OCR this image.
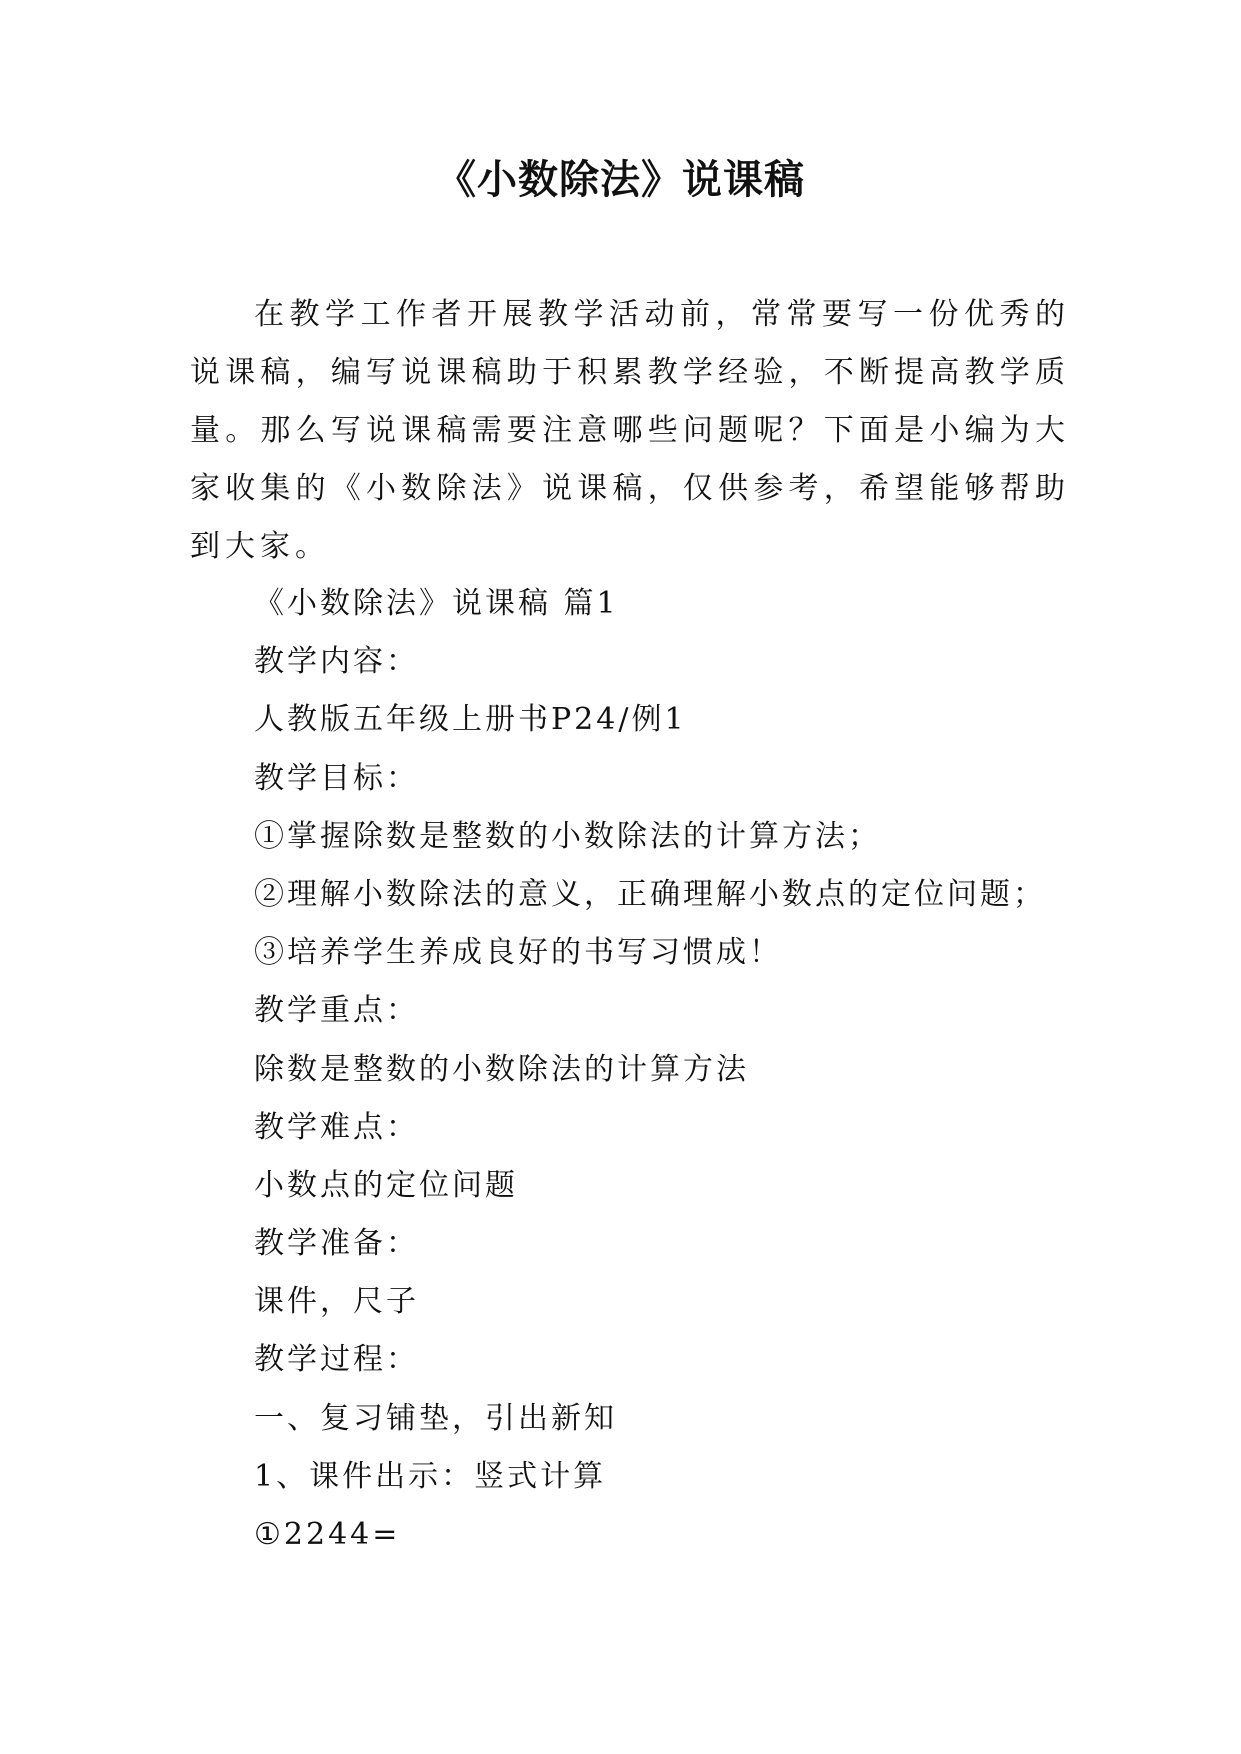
《小数除法》说课稿

在教学工作者开展教学活动前，常常要写一份优秀的说课稿，编写说课稿助于积累教学经验，不断提高教学质量。那么写说课稿需要注意哪些问题呢？下面是小编为大家收集的《小数除法》说课稿，仅供参考，希望能够帮助到大家。

《小数除法》说课稿 篇1
教学内容：
人教版五年级上册书P24/例1
教学目标：
①掌握除数是整数的小数除法的计算方法；
②理解小数除法的意义，正确理解小数点的定位问题；
③培养学生养成良好的书写习惯成！
教学重点：
除数是整数的小数除法的计算方法
教学难点：
小数点的定位问题
教学准备：
课件，尺子
教学过程：
一、复习铺垫，引出新知
1、课件出示：竖式计算
①2244=
